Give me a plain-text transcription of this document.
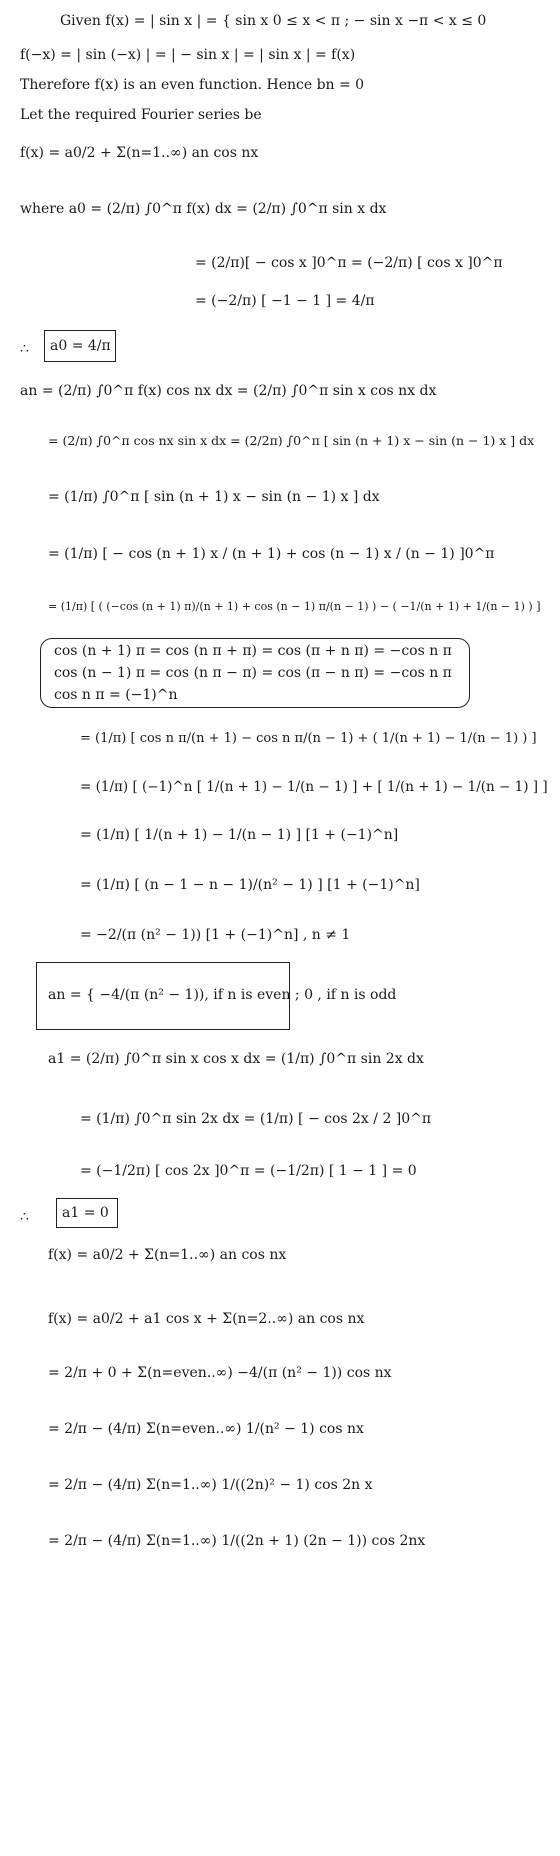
Given f(x) = | sin x | = { sin x 0 ≤ x < π ; − sin x −π < x ≤ 0
f(−x) = | sin (−x) | = | − sin x | = | sin x | = f(x)
Therefore f(x) is an even function. Hence bn = 0
Let the required Fourier series be
f(x) = a0/2 + Σ(n=1..∞) an cos nx
where a0 = (2/π) ∫0^π f(x) dx = (2/π) ∫0^π sin x dx
= (2/π)[ − cos x ]0^π = (−2/π) [ cos x ]0^π
= (−2/π) [ −1 − 1 ] = 4/π
∴ a0 = 4/π
an = (2/π) ∫0^π f(x) cos nx dx = (2/π) ∫0^π sin x cos nx dx
= (2/π) ∫0^π cos nx sin x dx = (2/2π) ∫0^π [ sin (n + 1) x − sin (n − 1) x ] dx
= (1/π) ∫0^π [ sin (n + 1) x − sin (n − 1) x ] dx
= (1/π) [ − cos (n + 1) x / (n + 1) + cos (n − 1) x / (n − 1) ]0^π
= (1/π) [ ( (−cos (n + 1) π)/(n + 1) + cos (n − 1) π/(n − 1) ) − ( −1/(n + 1) + 1/(n − 1) ) ]
cos (n + 1) π = cos (n π + π) = cos (π + n π) = −cos n π
cos (n − 1) π = cos (n π − π) = cos (π − n π) = −cos n π
cos n π = (−1)^n
= (1/π) [ cos n π/(n + 1) − cos n π/(n − 1) + ( 1/(n + 1) − 1/(n − 1) ) ]
= (1/π) [ (−1)^n [ 1/(n + 1) − 1/(n − 1) ] + [ 1/(n + 1) − 1/(n − 1) ] ]
= (1/π) [ 1/(n + 1) − 1/(n − 1) ] [1 + (−1)^n]
= (1/π) [ (n − 1 − n − 1)/(n² − 1) ] [1 + (−1)^n]
= −2/(π (n² − 1)) [1 + (−1)^n] , n ≠ 1
an = { −4/(π (n² − 1)), if n is even ; 0 , if n is odd
a1 = (2/π) ∫0^π sin x cos x dx = (1/π) ∫0^π sin 2x dx
= (1/π) ∫0^π sin 2x dx = (1/π) [ − cos 2x / 2 ]0^π
= (−1/2π) [ cos 2x ]0^π = (−1/2π) [ 1 − 1 ] = 0
∴ a1 = 0
f(x) = a0/2 + Σ(n=1..∞) an cos nx
f(x) = a0/2 + a1 cos x + Σ(n=2..∞) an cos nx
= 2/π + 0 + Σ(n=even..∞) −4/(π (n² − 1)) cos nx
= 2/π − (4/π) Σ(n=even..∞) 1/(n² − 1) cos nx
= 2/π − (4/π) Σ(n=1..∞) 1/((2n)² − 1) cos 2n x
= 2/π − (4/π) Σ(n=1..∞) 1/((2n + 1) (2n − 1)) cos 2nx
